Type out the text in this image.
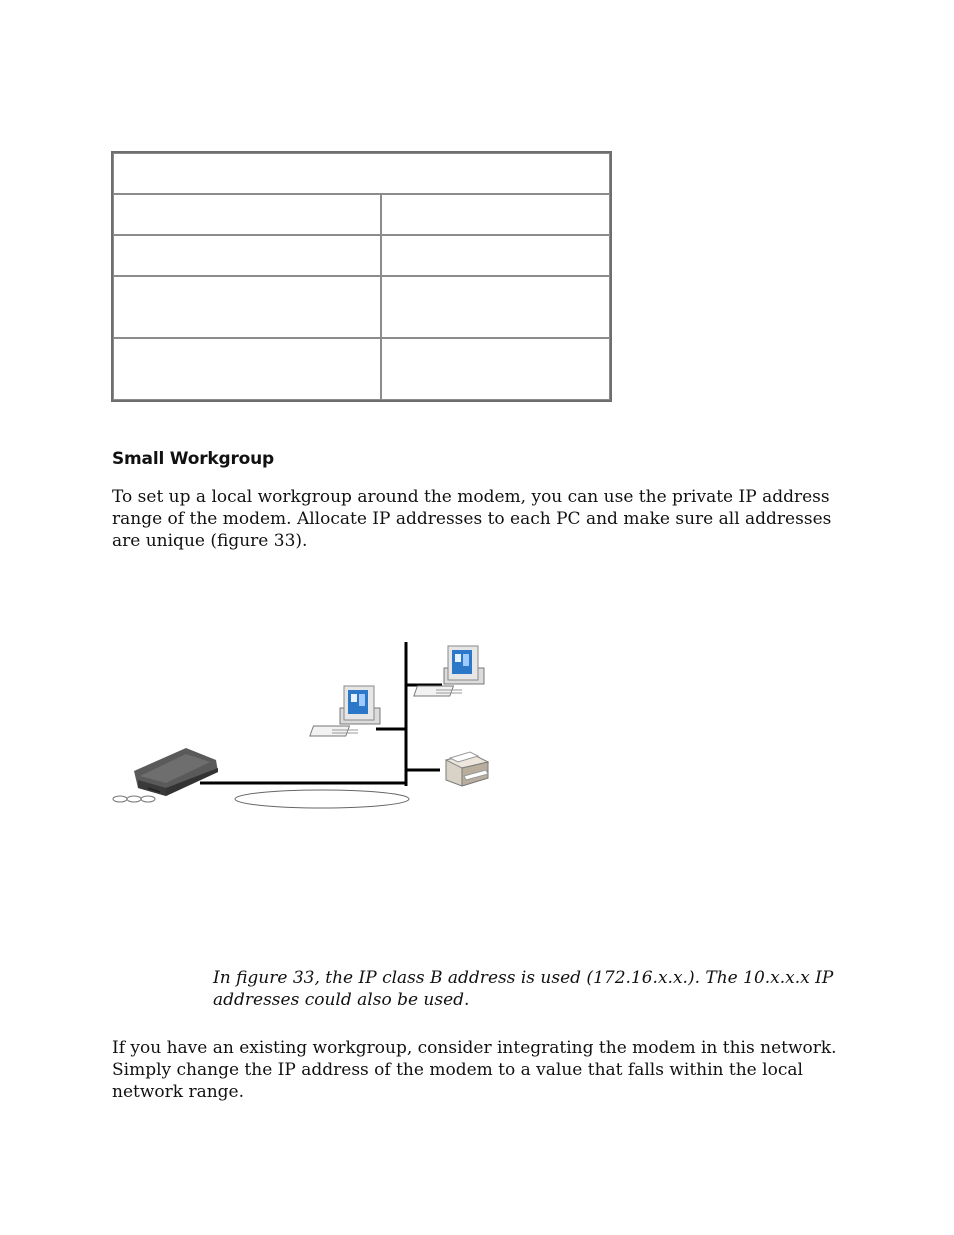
Small Workgroup

To set up a local workgroup around the modem, you can use the private IP address range of the modem. Allocate IP addresses to each PC and make sure all addresses are unique (figure 33).

In figure 33, the IP class B address is used (172.16.x.x.). The 10.x.x.x IP addresses could also be used.

If you have an existing workgroup, consider integrating the modem in this network. Simply change the IP address of the modem to a value that falls within the local network range.
